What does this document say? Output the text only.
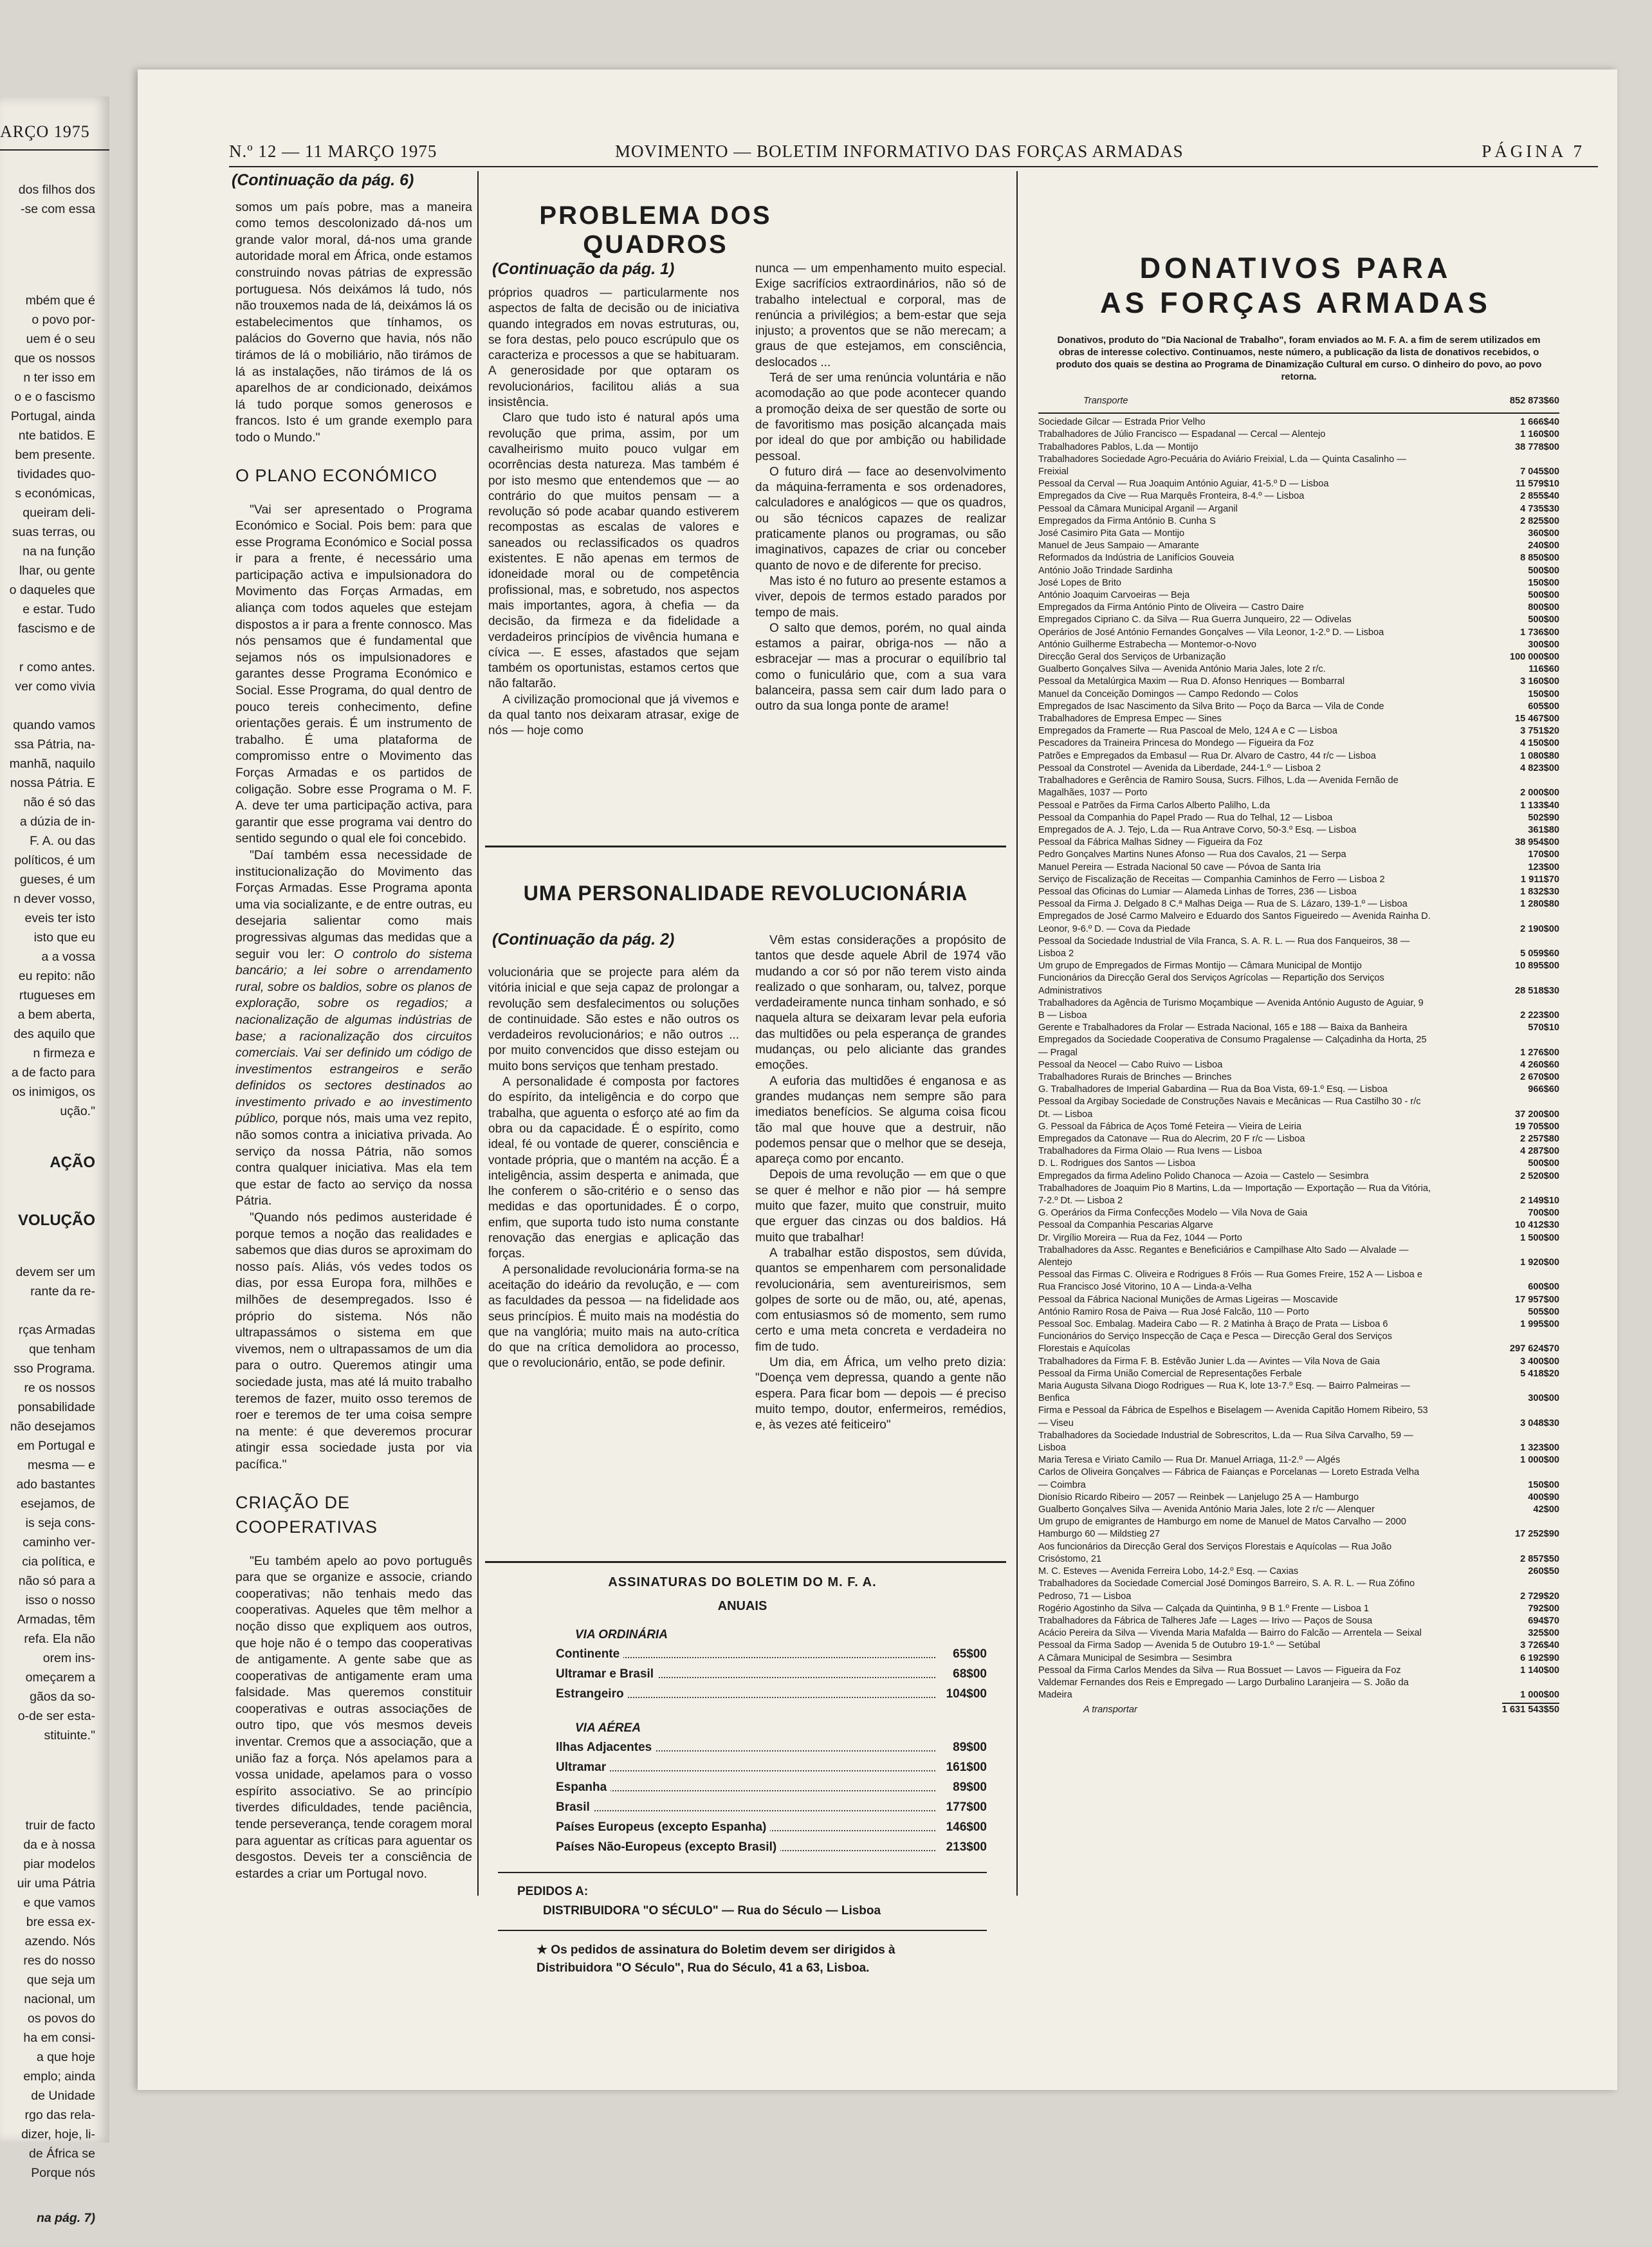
ARÇO 1975

dos filhos dos
-se com essa

mbém que é
o povo por-
uem é o seu
que os nossos
n ter isso em
o e o fascismo
Portugal, ainda
nte batidos. E
bem presente.
tividades quo-
s económicas,
queiram deli-
suas terras, ou
na na função
lhar, ou gente
o daqueles que
e estar. Tudo
fascismo e de

r como antes.
ver como vivia

quando vamos
ssa Pátria, na-
manhã, naquilo
nossa Pátria. E
não é só das
a dúzia de in-
F. A. ou das
políticos, é um
gueses, é um
n dever vosso,
eveis ter isto
isto que eu
a a vossa
eu repito: não
rtugueses em
a bem aberta,
des aquilo que
n firmeza e
a de facto para
os inimigos, os
ução."

AÇÃO

VOLUÇÃO

devem ser um
rante da re-

rças Armadas
que tenham
sso Programa.
re os nossos
ponsabilidade
não desejamos
em Portugal e
mesma — e
ado bastantes
esejamos, de
is seja cons-
caminho ver-
cia política, e
não só para a
isso o nosso
Armadas, têm
refa. Ela não
orem ins-
omeçarem a
gãos da so-
o-de ser esta-
stituinte."

truir de facto
da e à nossa
piar modelos
uir uma Pátria
e que vamos
bre essa ex-
azendo. Nós
res do nosso
que seja um
nacional, um
os povos do
ha em consi-
a que hoje
emplo; ainda
de Unidade
rgo das rela-
dizer, hoje, li-
de África se
Porque nós

na pág. 7)

N.º 12 — 11 MARÇO 1975	MOVIMENTO — BOLETIM INFORMATIVO DAS FORÇAS ARMADAS	PÁGINA 7
(Continuação da pág. 6)

somos um país pobre, mas a maneira como temos descolonizado dá-nos um grande valor moral, dá-nos uma grande autoridade moral em África, onde estamos construindo novas pátrias de expressão portuguesa. Nós deixámos lá tudo, nós não trouxemos nada de lá, deixámos lá os estabelecimentos que tínhamos, os palácios do Governo que havia, nós não tirámos de lá o mobiliário, não tirámos de lá as instalações, não tirámos de lá os aparelhos de ar condicionado, deixámos lá tudo porque somos generosos e francos. Isto é um grande exemplo para todo o Mundo."

O PLANO ECONÓMICO

"Vai ser apresentado o Programa Económico e Social. Pois bem: para que esse Programa Económico e Social possa ir para a frente, é necessário uma participação activa e impulsionadora do Movimento das Forças Armadas, em aliança com todos aqueles que estejam dispostos a ir para a frente connosco. Mas nós pensamos que é fundamental que sejamos nós os impulsionadores e garantes desse Programa Económico e Social. Esse Programa, do qual dentro de pouco tereis conhecimento, define orientações gerais. É um instrumento de trabalho. É uma plataforma de compromisso entre o Movimento das Forças Armadas e os partidos de coligação. Sobre esse Programa o M. F. A. deve ter uma participação activa, para garantir que esse programa vai dentro do sentido segundo o qual ele foi concebido.

"Daí também essa necessidade de institucionalização do Movimento das Forças Armadas. Esse Programa aponta uma via socializante, e de entre outras, eu desejaria salientar como mais progressivas algumas das medidas que a seguir vou ler: O controlo do sistema bancário; a lei sobre o arrendamento rural, sobre os baldios, sobre os planos de exploração, sobre os regadios; a nacionalização de algumas indústrias de base; a racionalização dos circuitos comerciais. Vai ser definido um código de investimentos estrangeiros e serão definidos os sectores destinados ao investimento privado e ao investimento público, porque nós, mais uma vez repito, não somos contra a iniciativa privada. Ao serviço da nossa Pátria, não somos contra qualquer iniciativa. Mas ela tem que estar de facto ao serviço da nossa Pátria.

"Quando nós pedimos austeridade é porque temos a noção das realidades e sabemos que dias duros se aproximam do nosso país. Aliás, vós vedes todos os dias, por essa Europa fora, milhões e milhões de desempregados. Isso é próprio do sistema. Nós não ultrapassámos o sistema em que vivemos, nem o ultrapassamos de um dia para o outro. Queremos atingir uma sociedade justa, mas até lá muito trabalho teremos de fazer, muito osso teremos de roer e teremos de ter uma coisa sempre na mente: é que deveremos procurar atingir essa sociedade justa por via pacífica."

CRIAÇÃO DE COOPERATIVAS

"Eu também apelo ao povo português para que se organize e associe, criando cooperativas; não tenhais medo das cooperativas. Aqueles que têm melhor a noção disso que expliquem aos outros, que hoje não é o tempo das cooperativas de antigamente. A gente sabe que as cooperativas de antigamente eram uma falsidade. Mas queremos constituir cooperativas e outras associações de outro tipo, que vós mesmos deveis inventar. Cremos que a associação, que a união faz a força. Nós apelamos para a vossa unidade, apelamos para o vosso espírito associativo. Se ao princípio tiverdes dificuldades, tende paciência, tende perseverança, tende coragem moral para aguentar as críticas para aguentar os desgostos. Deveis ter a consciência de estardes a criar um Portugal novo.

PROBLEMA DOS QUADROS
(Continuação da pág. 1)

próprios quadros — particularmente nos aspectos de falta de decisão ou de iniciativa quando integrados em novas estruturas, ou, se fora destas, pelo pouco escrúpulo que os caracteriza e processos a que se habituaram. A generosidade por que optaram os revolucionários, facilitou aliás a sua insistência.

Claro que tudo isto é natural após uma revolução que prima, assim, por um cavalheirismo muito pouco vulgar em ocorrências desta natureza. Mas também é por isto mesmo que entendemos que — ao contrário do que muitos pensam — a revolução só pode acabar quando estiverem recompostas as escalas de valores e saneados ou reclassificados os quadros existentes. E não apenas em termos de idoneidade moral ou de competência profissional, mas, e sobretudo, nos aspectos mais importantes, agora, à chefia — da decisão, da firmeza e da fidelidade a verdadeiros princípios de vivência humana e cívica —. E esses, afastados que sejam também os oportunistas, estamos certos que não faltarão.

A civilização promocional que já vivemos e da qual tanto nos deixaram atrasar, exige de nós — hoje como

nunca — um empenhamento muito especial. Exige sacrifícios extraordinários, não só de trabalho intelectual e corporal, mas de renúncia a privilégios; a bem-estar que seja injusto; a proventos que se não merecam; a graus de que estejamos, em consciência, deslocados ...

Terá de ser uma renúncia voluntária e não acomodação ao que pode acontecer quando a promoção deixa de ser questão de sorte ou de favoritismo mas posição alcançada mais por ideal do que por ambição ou habilidade pessoal.

O futuro dirá — face ao desenvolvimento da máquina-ferramenta e sos ordenadores, calculadores e analógicos — que os quadros, ou são técnicos capazes de realizar praticamente planos ou programas, ou são imaginativos, capazes de criar ou conceber quanto de novo e de diferente for preciso.

Mas isto é no futuro ao presente estamos a viver, depois de termos estado parados por tempo de mais.

O salto que demos, porém, no qual ainda estamos a pairar, obriga-nos — não a esbracejar — mas a procurar o equilíbrio tal como o funiculário que, com a sua vara balanceira, passa sem cair dum lado para o outro da sua longa ponte de arame!

UMA PERSONALIDADE REVOLUCIONÁRIA
(Continuação da pág. 2)

volucionária que se projecte para além da vitória inicial e que seja capaz de prolongar a revolução sem desfalecimentos ou soluções de continuidade. São estes e não outros os verdadeiros revolucionários; e não outros ... por muito convencidos que disso estejam ou muito bons serviços que tenham prestado.

A personalidade é composta por factores do espírito, da inteligência e do corpo que trabalha, que aguenta o esforço até ao fim da obra ou da capacidade. É o espírito, como ideal, fé ou vontade de querer, consciência e vontade própria, que o mantém na acção. É a inteligência, assim desperta e animada, que lhe conferem o são-critério e o senso das medidas e das oportunidades. É o corpo, enfim, que suporta tudo isto numa constante renovação das energias e aplicação das forças.

A personalidade revolucionária forma-se na aceitação do ideário da revolução, e — com as faculdades da pessoa — na fidelidade aos seus princípios. É muito mais na modéstia do que na vanglória; muito mais na auto-crítica do que na crítica demolidora ao processo, que o revolucionário, então, se pode definir.

Vêm estas considerações a propósito de tantos que desde aquele Abril de 1974 vão mudando a cor só por não terem visto ainda realizado o que sonharam, ou, talvez, porque verdadeiramente nunca tinham sonhado, e só naquela altura se deixaram levar pela euforia das multidões ou pela esperança de grandes mudanças, ou pelo aliciante das grandes emoções.

A euforia das multidões é enganosa e as grandes mudanças nem sempre são para imediatos benefícios. Se alguma coisa ficou tão mal que houve que a destruir, não podemos pensar que o melhor que se deseja, apareça como por encanto.

Depois de uma revolução — em que o que se quer é melhor e não pior — há sempre muito que fazer, muito que construir, muito que erguer das cinzas ou dos baldios. Há muito que trabalhar!

A trabalhar estão dispostos, sem dúvida, quantos se empenharem com personalidade revolucionária, sem aventureirismos, sem golpes de sorte ou de mão, ou, até, apenas, com entusiasmos só de momento, sem rumo certo e uma meta concreta e verdadeira no fim de tudo.

Um dia, em África, um velho preto dizia: "Doença vem depressa, quando a gente não espera. Para ficar bom — depois — é preciso muito tempo, doutor, enfermeiros, remédios, e, às vezes até feiticeiro"

ASSINATURAS DO BOLETIM DO M. F. A.
ANUAIS
VIA ORDINÁRIA
Continente	65$00
Ultramar e Brasil	68$00
Estrangeiro	104$00
VIA AÉREA
Ilhas Adjacentes	89$00
Ultramar	161$00
Espanha	89$00
Brasil	177$00
Países Europeus (excepto Espanha)	146$00
Países Não-Europeus (excepto Brasil)	213$00
PEDIDOS A:
DISTRIBUIDORA "O SÉCULO" — Rua do Século — Lisboa
★ Os pedidos de assinatura do Boletim devem ser dirigidos à Distribuidora "O Século", Rua do Século, 41 a 63, Lisboa.
DONATIVOS PARA
AS FORÇAS ARMADAS
Donativos, produto do "Dia Nacional de Trabalho", foram enviados ao M. F. A. a fim de serem utilizados em obras de interesse colectivo. Continuamos, neste número, a publicação da lista de donativos recebidos, o produto dos quais se destina ao Programa de Dinamização Cultural em curso. O dinheiro do povo, ao povo retorna.
Transporte	852 873$60
Sociedade Gilcar — Estrada Prior Velho	1 666$40
Trabalhadores de Júlio Francisco — Espadanal — Cercal — Alentejo	1 160$00
Trabalhadores Pablos, L.da — Montijo	38 778$00
Trabalhadores Sociedade Agro-Pecuária do Aviário Freixial, L.da — Quinta Casalinho — Freixial	7 045$00
Pessoal da Cerval — Rua Joaquim António Aguiar, 41-5.º D — Lisboa	11 579$10
Empregados da Cive — Rua Marquês Fronteira, 8-4.º — Lisboa	2 855$40
Pessoal da Câmara Municipal Arganil — Arganil	4 735$30
Empregados da Firma António B. Cunha S	2 825$00
José Casimiro Pita Gata — Montijo	360$00
Manuel de Jeus Sampaio — Amarante	240$00
Reformados da Indústria de Lanifícios Gouveia	8 850$00
António João Trindade Sardinha	500$00
José Lopes de Brito	150$00
António Joaquim Carvoeiras — Beja	500$00
Empregados da Firma António Pinto de Oliveira — Castro Daire	800$00
Empregados Cipriano C. da Silva — Rua Guerra Junqueiro, 22 — Odivelas	500$00
Operários de José António Fernandes Gonçalves — Vila Leonor, 1-2.º D. — Lisboa	1 736$00
António Guilherme Estrabecha — Montemor-o-Novo	300$00
Direcção Geral dos Serviços de Urbanização	100 000$00
Gualberto Gonçalves Silva — Avenida António Maria Jales, lote 2 r/c.	116$60
Pessoal da Metalúrgica Maxim — Rua D. Afonso Henriques — Bombarral	3 160$00
Manuel da Conceição Domingos — Campo Redondo — Colos	150$00
Empregados de Isac Nascimento da Silva Brito — Poço da Barca — Vila de Conde	605$00
Trabalhadores de Empresa Empec — Sines	15 467$00
Empregados da Framerte — Rua Pascoal de Melo, 124 A e C — Lisboa	3 751$20
Pescadores da Traineira Princesa do Mondego — Figueira da Foz	4 150$00
Patrões e Empregados da Embasul — Rua Dr. Alvaro de Castro, 44 r/c — Lisboa	1 080$80
Pessoal da Constrotel — Avenida da Liberdade, 244-1.º — Lisboa 2	4 823$00
Trabalhadores e Gerência de Ramiro Sousa, Sucrs. Filhos, L.da — Avenida Fernão de Magalhães, 1037 — Porto	2 000$00
Pessoal e Patrões da Firma Carlos Alberto Palilho, L.da	1 133$40
Pessoal da Companhia do Papel Prado — Rua do Telhal, 12 — Lisboa	502$90
Empregados de A. J. Tejo, L.da — Rua Antrave Corvo, 50-3.º Esq. — Lisboa	361$80
Pessoal da Fábrica Malhas Sidney — Figueira da Foz	38 954$00
Pedro Gonçalves Martins Nunes Afonso — Rua dos Cavalos, 21 — Serpa	170$00
Manuel Pereira — Estrada Nacional 50 cave — Póvoa de Santa Iria	123$00
Serviço de Fiscalização de Receitas — Companhia Caminhos de Ferro — Lisboa 2	1 911$70
Pessoal das Oficinas do Lumiar — Alameda Linhas de Torres, 236 — Lisboa	1 832$30
Pessoal da Firma J. Delgado 8 C.ª Malhas Deiga — Rua de S. Lázaro, 139-1.º — Lisboa	1 280$80
Empregados de José Carmo Malveiro e Eduardo dos Santos Figueiredo — Avenida Rainha D. Leonor, 9-6.º D. — Cova da Piedade	2 190$00
Pessoal da Sociedade Industrial de Vila Franca, S. A. R. L. — Rua dos Fanqueiros, 38 — Lisboa 2	5 059$60
Um grupo de Empregados de Firmas Montijo — Câmara Municipal de Montijo	10 895$00
Funcionários da Direcção Geral dos Serviços Agrícolas — Repartição dos Serviços Administrativos	28 518$30
Trabalhadores da Agência de Turismo Moçambique — Avenida António Augusto de Aguiar, 9 B — Lisboa	2 223$00
Gerente e Trabalhadores da Frolar — Estrada Nacional, 165 e 188 — Baixa da Banheira	570$10
Empregados da Sociedade Cooperativa de Consumo Pragalense — Calçadinha da Horta, 25 — Pragal	1 276$00
Pessoal da Neocel — Cabo Ruivo — Lisboa	4 260$60
Trabalhadores Rurais de Brinches — Brinches	2 670$00
G. Trabalhadores de Imperial Gabardina — Rua da Boa Vista, 69-1.º Esq. — Lisboa	966$60
Pessoal da Argibay Sociedade de Construções Navais e Mecânicas — Rua Castilho 30 - r/c Dt. — Lisboa	37 200$00
G. Pessoal da Fábrica de Aços Tomé Feteira — Vieira de Leiria	19 705$00
Empregados da Catonave — Rua do Alecrim, 20 F r/c — Lisboa	2 257$80
Trabalhadores da Firma Olaio — Rua Ivens — Lisboa	4 287$00
D. L. Rodrigues dos Santos — Lisboa	500$00
Empregados da firma Adelino Polido Chanoca — Azoia — Castelo — Sesimbra	2 520$00
Trabalhadores de Joaquim Pio 8 Martins, L.da — Importação — Exportação — Rua da Vitória, 7-2.º Dt. — Lisboa 2	2 149$10
G. Operários da Firma Confecções Modelo — Vila Nova de Gaia	700$00
Pessoal da Companhia Pescarias Algarve	10 412$30
Dr. Virgílio Moreira — Rua da Fez, 1044 — Porto	1 500$00
Trabalhadores da Assc. Regantes e Beneficiários e Campilhase Alto Sado — Alvalade — Alentejo	1 920$00
Pessoal das Firmas C. Oliveira e Rodrigues 8 Fróis — Rua Gomes Freire, 152 A — Lisboa e Rua Francisco José Vitorino, 10 A — Linda-a-Velha	600$00
Pessoal da Fábrica Nacional Munições de Armas Ligeiras — Moscavide	17 957$00
António Ramiro Rosa de Paiva — Rua José Falcão, 110 — Porto	505$00
Pessoal Soc. Embalag. Madeira Cabo — R. 2 Matinha à Braço de Prata — Lisboa 6	1 995$00
Funcionários do Serviço Inspecção de Caça e Pesca — Direcção Geral dos Serviços Florestais e Aquícolas	297 624$70
Trabalhadores da Firma F. B. Estêvão Junier L.da — Avintes — Vila Nova de Gaia	3 400$00
Pessoal da Firma União Comercial de Representações Ferbale	5 418$20
Maria Augusta Silvana Diogo Rodrigues — Rua K, lote 13-7.º Esq. — Bairro Palmeiras — Benfica	300$00
Firma e Pessoal da Fábrica de Espelhos e Biselagem — Avenida Capitão Homem Ribeiro, 53 — Viseu	3 048$30
Trabalhadores da Sociedade Industrial de Sobrescritos, L.da — Rua Silva Carvalho, 59 — Lisboa	1 323$00
Maria Teresa e Viriato Camilo — Rua Dr. Manuel Arriaga, 11-2.º — Algés	1 000$00
Carlos de Oliveira Gonçalves — Fábrica de Faianças e Porcelanas — Loreto Estrada Velha — Coimbra	150$00
Dionísio Ricardo Ribeiro — 2057 — Reinbek — Lanjelugo 25 A — Hamburgo	400$90
Gualberto Gonçalves Silva — Avenida António Maria Jales, lote 2 r/c — Alenquer	42$00
Um grupo de emigrantes de Hamburgo em nome de Manuel de Matos Carvalho — 2000 Hamburgo 60 — Mildstieg 27	17 252$90
Aos funcionários da Direcção Geral dos Serviços Florestais e Aquícolas — Rua João Crisóstomo, 21	2 857$50
M. C. Esteves — Avenida Ferreira Lobo, 14-2.º Esq. — Caxias	260$50
Trabalhadores da Sociedade Comercial José Domingos Barreiro, S. A. R. L. — Rua Zófino Pedroso, 71 — Lisboa	2 729$20
Rogério Agostinho da Silva — Calçada da Quintinha, 9 B 1.º Frente — Lisboa 1	792$00
Trabalhadores da Fábrica de Talheres Jafe — Lages — Irivo — Paços de Sousa	694$70
Acácio Pereira da Silva — Vivenda Maria Mafalda — Bairro do Falcão — Arrentela — Seixal	325$00
Pessoal da Firma Sadop — Avenida 5 de Outubro 19-1.º — Setúbal	3 726$40
A Câmara Municipal de Sesimbra — Sesimbra	6 192$90
Pessoal da Firma Carlos Mendes da Silva — Rua Bossuet — Lavos — Figueira da Foz	1 140$00
Valdemar Fernandes dos Reis e Empregado — Largo Durbalino Laranjeira — S. João da Madeira	1 000$00
A transportar	1 631 543$50
